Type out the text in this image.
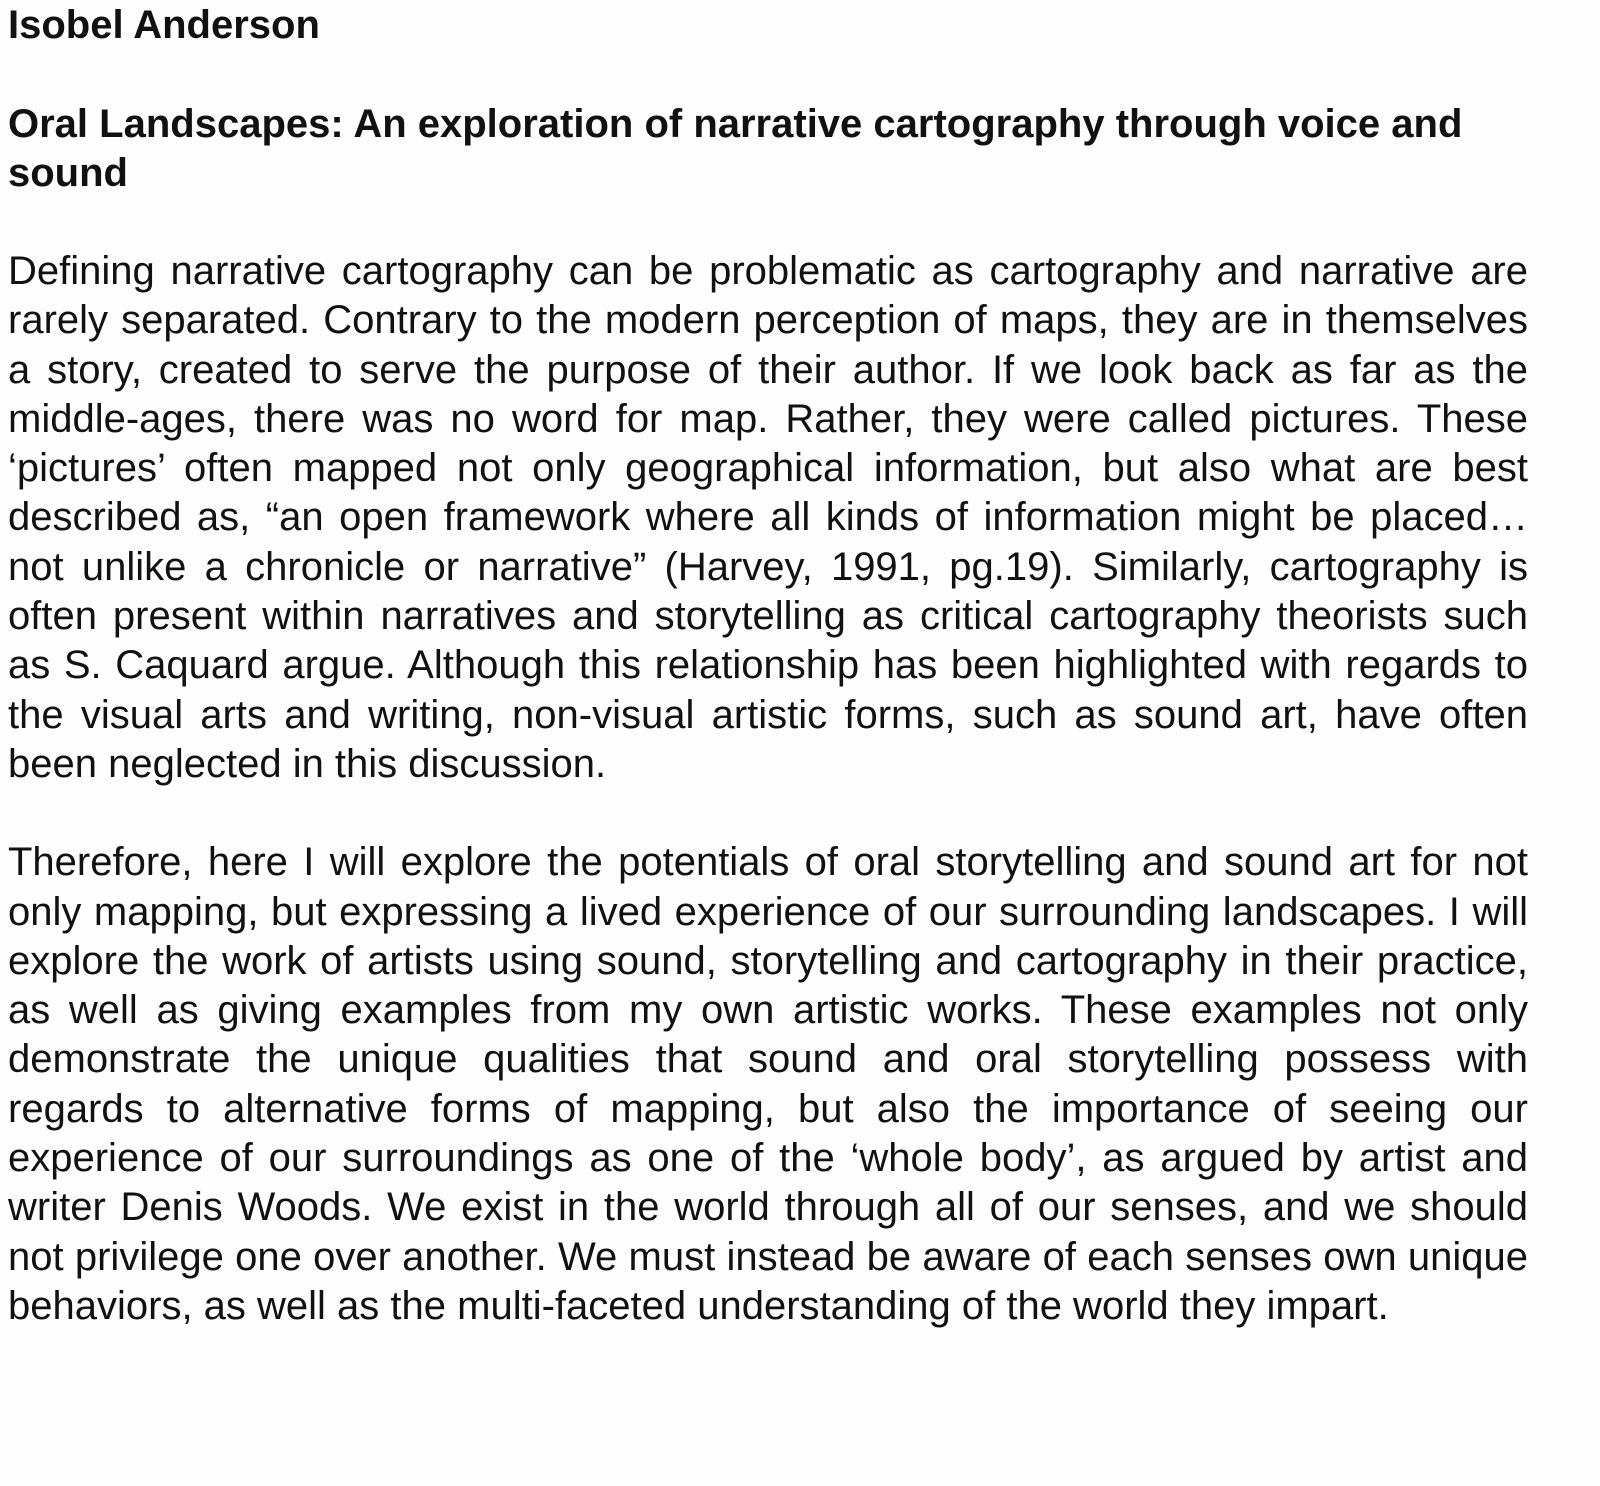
Isobel Anderson
Oral Landscapes: An exploration of narrative cartography through voice and sound

Defining narrative cartography can be problematic as cartography and narrative are rarely separated. Contrary to the modern perception of maps, they are in themselves a story, created to serve the purpose of their author. If we look back as far as the middle-ages, there was no word for map. Rather, they were called pictures. These ‘pictures’ often mapped not only geographical information, but also what are best described as, “an open framework where all kinds of information might be placed… not unlike a chronicle or narrative” (Harvey, 1991, pg.19). Similarly, cartography is often present within narratives and storytelling as critical cartography theorists such as S. Caquard argue. Although this relationship has been highlighted with regards to the visual arts and writing, non-visual artistic forms, such as sound art, have often been neglected in this discussion.

Therefore, here I will explore the potentials of oral storytelling and sound art for not only mapping, but expressing a lived experience of our surrounding landscapes. I will explore the work of artists using sound, storytelling and cartography in their practice, as well as giving examples from my own artistic works. These examples not only demonstrate the unique qualities that sound and oral storytelling possess with regards to alternative forms of mapping, but also the importance of seeing our experience of our surroundings as one of the ‘whole body’, as argued by artist and writer Denis Woods. We exist in the world through all of our senses, and we should not privilege one over another. We must instead be aware of each senses own unique behaviors, as well as the multi-faceted understanding of the world they impart.
